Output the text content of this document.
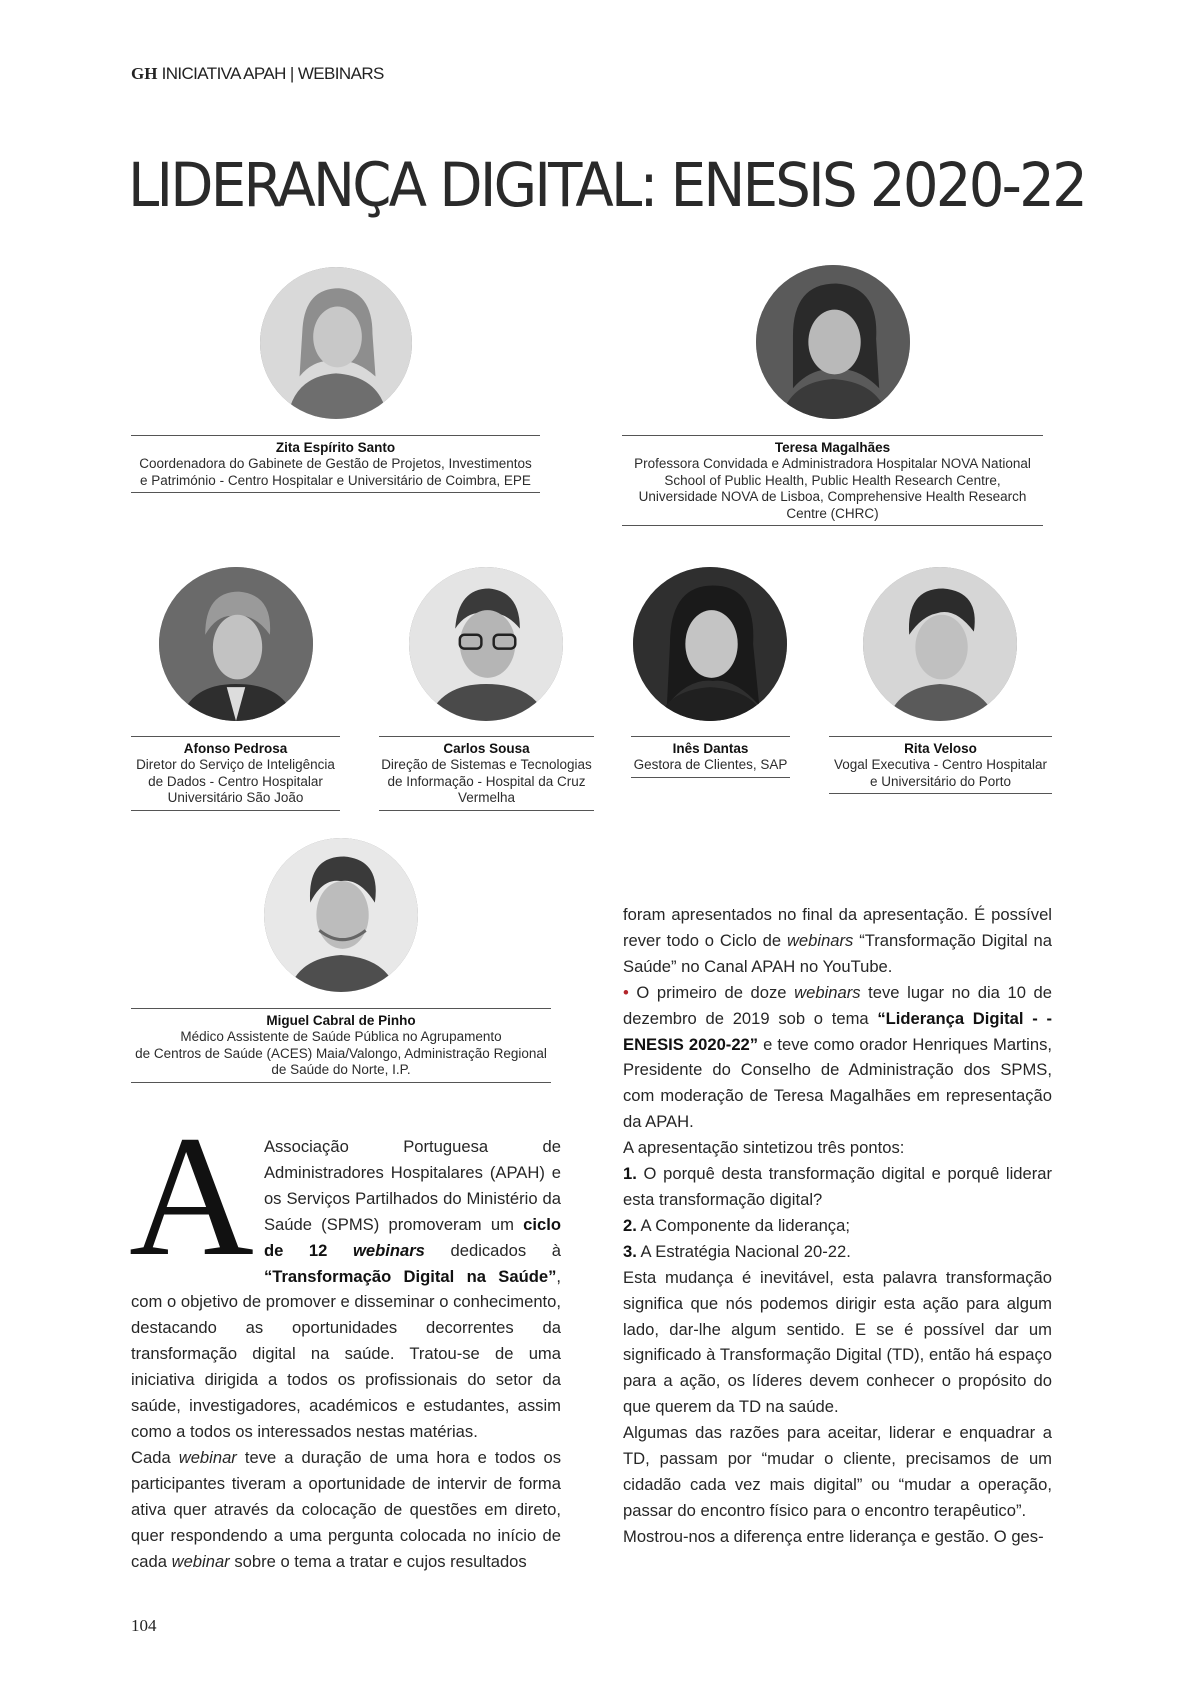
GH INICIATIVA APAH | WEBINARS
LIDERANÇA DIGITAL: ENESIS 2020-22
Zita Espírito Santo
Coordenadora do Gabinete de Gestão de Projetos, Investimentos
e Património - Centro Hospitalar e Universitário de Coimbra, EPE
Teresa Magalhães
Professora Convidada e Administradora Hospitalar NOVA National
School of Public Health, Public Health Research Centre,
Universidade NOVA de Lisboa, Comprehensive Health Research
Centre (CHRC)
Afonso Pedrosa
Diretor do Serviço de Inteligência
de Dados - Centro Hospitalar
Universitário São João
Carlos Sousa
Direção de Sistemas e Tecnologias
de Informação - Hospital da Cruz
Vermelha
Inês Dantas
Gestora de Clientes, SAP
Rita Veloso
Vogal Executiva - Centro Hospitalar
e Universitário do Porto
Miguel Cabral de Pinho
Médico Assistente de Saúde Pública no Agrupamento
de Centros de Saúde (ACES) Maia/Valongo, Administração Regional
de Saúde do Norte, I.P.
A Associação Portuguesa de Administradores Hospitalares (APAH) e os Serviços Partilhados do Ministério da Saúde (SPMS) promoveram um ciclo de 12 webinars dedicados à “Transformação Digital na Saúde”, com o objetivo de promover e disseminar o conhecimento, destacando as oportunidades decorrentes da transformação digital na saúde. Tratou-se de uma iniciativa dirigida a todos os profissionais do setor da saúde, investigadores, académicos e estudantes, assim como a todos os interessados nestas matérias.

Cada webinar teve a duração de uma hora e todos os participantes tiveram a oportunidade de intervir de forma ativa quer através da colocação de questões em direto, quer respondendo a uma pergunta colocada no início de cada webinar sobre o tema a tratar e cujos resultados

foram apresentados no final da apresentação. É possível rever todo o Ciclo de webinars “Transformação Digital na Saúde” no Canal APAH no YouTube.

• O primeiro de doze webinars teve lugar no dia 10 de dezembro de 2019 sob o tema “Liderança Digital - - ENESIS 2020-22” e teve como orador Henriques Martins, Presidente do Conselho de Administração dos SPMS, com moderação de Teresa Magalhães em representação da APAH.

A apresentação sintetizou três pontos:

1. O porquê desta transformação digital e porquê liderar esta transformação digital?

2. A Componente da liderança;

3. A Estratégia Nacional 20-22.

Esta mudança é inevitável, esta palavra transformação significa que nós podemos dirigir esta ação para algum lado, dar-lhe algum sentido. E se é possível dar um significado à Transformação Digital (TD), então há espaço para a ação, os líderes devem conhecer o propósito do que querem da TD na saúde.

Algumas das razões para aceitar, liderar e enquadrar a TD, passam por “mudar o cliente, precisamos de um cidadão cada vez mais digital” ou “mudar a operação, passar do encontro físico para o encontro terapêutico”.

Mostrou-nos a diferença entre liderança e gestão. O ges-

104
